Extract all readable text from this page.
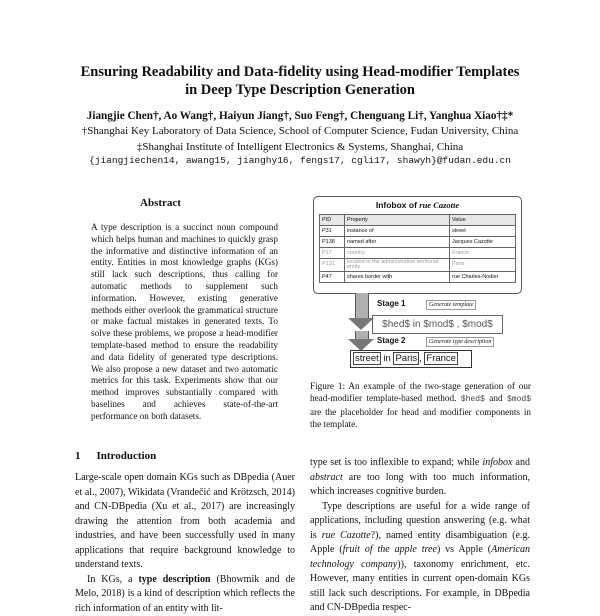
Ensuring Readability and Data-fidelity using Head-modifier Templates
in Deep Type Description Generation
Jiangjie Chen†, Ao Wang†, Haiyun Jiang†, Suo Feng†, Chenguang Li†, Yanghua Xiao†‡*
†Shanghai Key Laboratory of Data Science, School of Computer Science, Fudan University, China
‡Shanghai Institute of Intelligent Electronics & Systems, Shanghai, China
{jiangjiechen14, awang15, jianghy16, fengs17, cgli17, shawyh}@fudan.edu.cn
Abstract

A type description is a succinct noun compound which helps human and machines to quickly grasp the informative and distinctive information of an entity. Entities in most knowledge graphs (KGs) still lack such descriptions, thus calling for automatic methods to supplement such information. However, existing generative methods either overlook the grammatical structure or make factual mistakes in generated texts. To solve these problems, we propose a head-modifier template-based method to ensure the readability and data fidelity of generated type descriptions. We also propose a new dataset and two automatic metrics for this task. Experiments show that our method improves substantially compared with baselines and achieves state-of-the-art performance on both datasets.

Infobox of rue Cazotte
PID	Property	Value
P31	instance of	street
P138	named after	Jacques Cazotte
P17	country	France
P131	located in the administrative territorial entity	Paris
P47	shares border with	rue Charles-Nodier
Stage 1	Generate template
$hed$ in $mod$ , $mod$
Stage 2	Generate type description
street in Paris , France

Figure 1: An example of the two-stage generation of our head-modifier template-based method. $hed$ and $mod$ are the placeholder for head and modifier components in the template.

1 Introduction

Large-scale open domain KGs such as DBpedia (Auer et al., 2007), Wikidata (Vrandečić and Krötzsch, 2014) and CN-DBpedia (Xu et al., 2017) are increasingly drawing the attention from both academia and industries, and have been successfully used in many applications that require background knowledge to understand texts.

In KGs, a type description (Bhowmik and de Melo, 2018) is a kind of description which reflects the rich information of an entity with lit-

type set is too inflexible to expand; while infobox and abstract are too long with too much information, which increases cognitive burden.

Type descriptions are useful for a wide range of applications, including question answering (e.g. what is rue Cazotte?), named entity disambiguation (e.g. Apple (fruit of the apple tree) vs Apple (American technology company)), taxonomy enrichment, etc. However, many entities in current open-domain KGs still lack such descriptions. For example, in DBpedia and CN-DBpedia respec-
